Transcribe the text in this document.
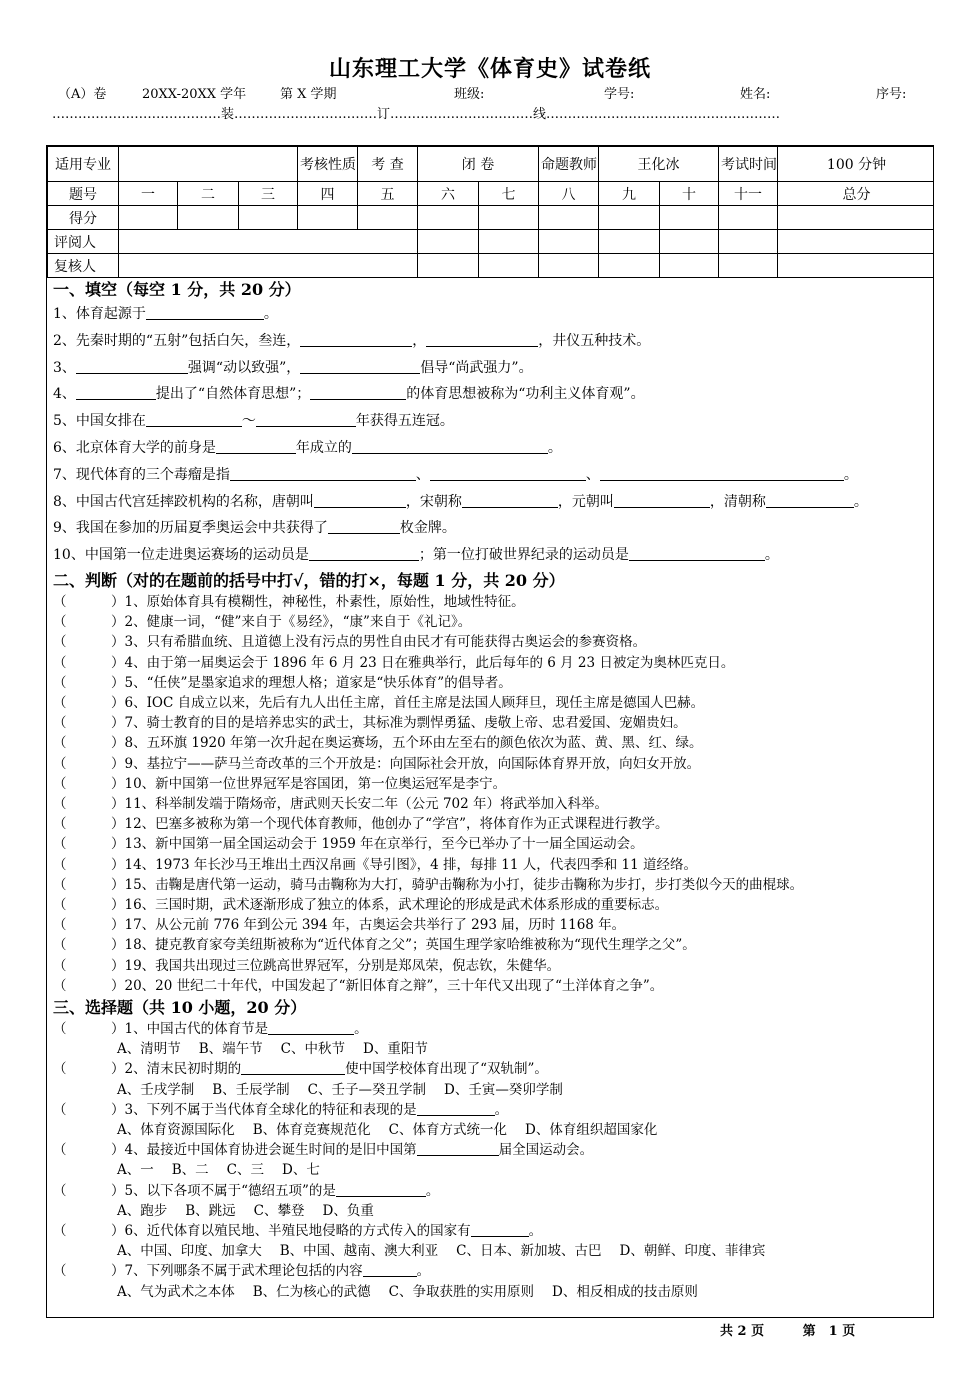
山东理工大学《体育史》试卷纸
（A）卷	20XX-20XX 学年	第 X 学期	班级:	学号:	姓名:	序号:
…………………………………装……………………………订……………………………线………………………………………………
适用专业				考核性质	考 查	闭 卷		命题教师	王化冰		考试时间	100 分钟
题号	一	二	三	四	五	六	七	八	九	十	十一	总分
得分												
评阅人												
复核人												
一、填空（每空 1 分，共 20 分）
1、体育起源于	。
2、先秦时期的“五射”包括白矢，叁连，	，	，井仪五种技术。
3、	强调“动以致强”，	倡导“尚武强力”。
4、	提出了“自然体育思想”；	的体育思想被称为“功利主义体育观”。
5、中国女排在	～	年获得五连冠。
6、北京体育大学的前身是	年成立的	。
7、现代体育的三个毒瘤是指	、	、	。
8、中国古代宫廷摔跤机构的名称，唐朝叫	，宋朝称	，元朝叫	，清朝称	。
9、我国在参加的历届夏季奥运会中共获得了	枚金牌。
10、中国第一位走进奥运赛场的运动员是	；第一位打破世界纪录的运动员是	。
二、判断（对的在题前的括号中打√，错的打×，每题 1 分，共 20 分）
（	）1、原始体育具有模糊性，神秘性，朴素性，原始性，地域性特征。
（	）2、健康一词，“健”来自于《易经》，“康”来自于《礼记》。
（	）3、只有希腊血统、且道德上没有污点的男性自由民才有可能获得古奥运会的参赛资格。
（	）4、由于第一届奥运会于 1896 年 6 月 23 日在雅典举行，此后每年的 6 月 23 日被定为奥林匹克日。
（	）5、“任侠”是墨家追求的理想人格；道家是“快乐体育”的倡导者。
（	）6、IOC 自成立以来，先后有九人出任主席，首任主席是法国人顾拜旦，现任主席是德国人巴赫。
（	）7、骑士教育的目的是培养忠实的武士，其标准为剽悍勇猛、虔敬上帝、忠君爱国、宠媚贵妇。
（	）8、五环旗 1920 年第一次升起在奥运赛场，五个环由左至右的颜色依次为蓝、黄、黑、红、绿。
（	）9、基拉宁——萨马兰奇改革的三个开放是：向国际社会开放，向国际体育界开放，向妇女开放。
（	）10、新中国第一位世界冠军是容国团，第一位奥运冠军是李宁。
（	）11、科举制发端于隋炀帝，唐武则天长安二年（公元 702 年）将武举加入科举。
（	）12、巴塞多被称为第一个现代体育教师，他创办了“学宫”，将体育作为正式课程进行教学。
（	）13、新中国第一届全国运动会于 1959 年在京举行，至今已举办了十一届全国运动会。
（	）14、1973 年长沙马王堆出土西汉帛画《导引图》，4 排，每排 11 人，代表四季和 11 道经络。
（	）15、击鞠是唐代第一运动，骑马击鞠称为大打，骑驴击鞠称为小打，徒步击鞠称为步打，步打类似今天的曲棍球。
（	）16、三国时期，武术逐渐形成了独立的体系，武术理论的形成是武术体系形成的重要标志。
（	）17、从公元前 776 年到公元 394 年，古奥运会共举行了 293 届，历时 1168 年。
（	）18、捷克教育家夸美纽斯被称为“近代体育之父”；英国生理学家哈维被称为“现代生理学之父”。
（	）19、我国共出现过三位跳高世界冠军，分别是郑凤荣，倪志钦，朱健华。
（	）20、20 世纪二十年代，中国发起了“新旧体育之辩”，三十年代又出现了“土洋体育之争”。
三、选择题（共 10 小题，20 分）
（	）1、中国古代的体育节是	。
A、清明节 B、端午节 C、中秋节 D、重阳节
（	）2、清末民初时期的	使中国学校体育出现了“双轨制”。
A、壬戌学制 B、壬辰学制 C、壬子—癸丑学制 D、壬寅—癸卯学制
（	）3、下列不属于当代体育全球化的特征和表现的是	。
A、体育资源国际化 B、体育竞赛规范化 C、体育方式统一化 D、体育组织超国家化
（	）4、最接近中国体育协进会诞生时间的是旧中国第	届全国运动会。
A、一 B、二 C、三 D、七
（	）5、以下各项不属于“德绍五项”的是	。
A、跑步 B、跳远 C、攀登 D、负重
（	）6、近代体育以殖民地、半殖民地侵略的方式传入的国家有	。
A、中国、印度、加拿大 B、中国、越南、澳大利亚 C、日本、新加坡、古巴 D、朝鲜、印度、菲律宾
（	）7、下列哪条不属于武术理论包括的内容	。
A、气为武术之本体 B、仁为核心的武德 C、争取获胜的实用原则 D、相反相成的技击原则
共 2 页	第　1 页
